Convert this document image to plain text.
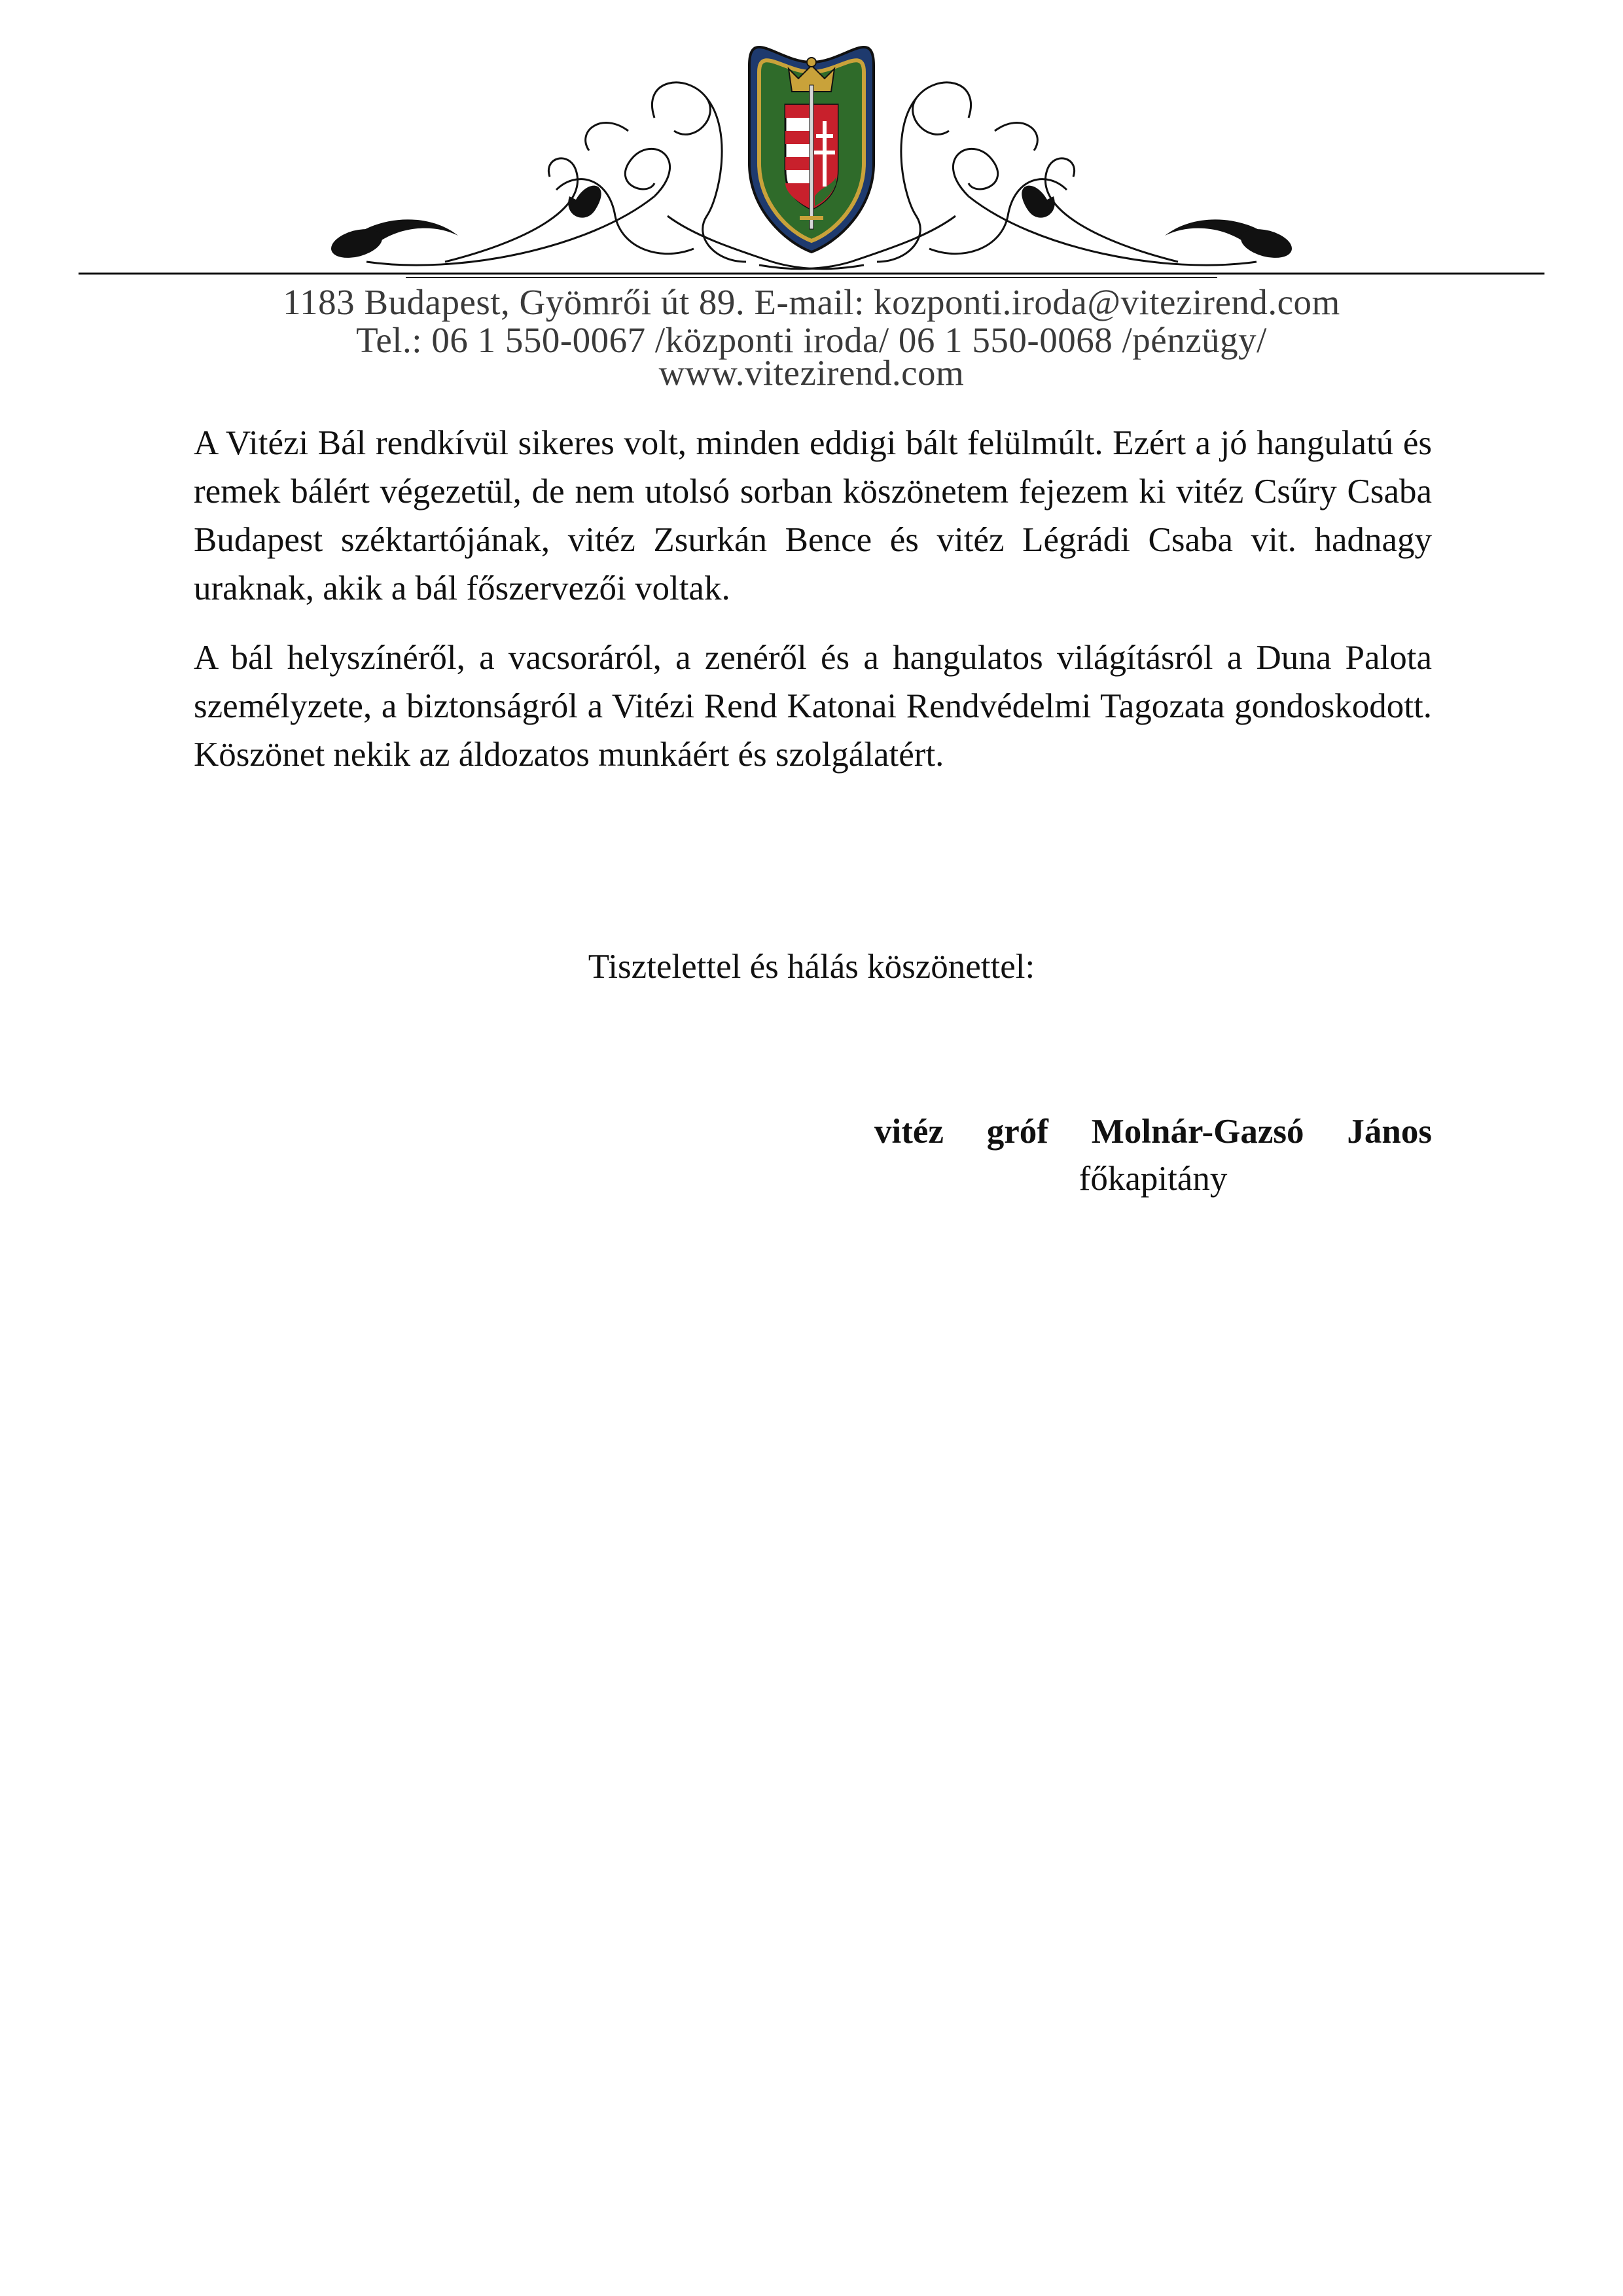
1183 Budapest, Gyömrői út 89. E-mail: kozponti.iroda@vitezirend.com
Tel.: 06 1 550-0067 /központi iroda/ 06 1 550-0068 /pénzügy/
www.vitezirend.com

A Vitézi Bál rendkívül sikeres volt, minden eddigi bált felülmúlt. Ezért a jó hangulatú és remek bálért végezetül, de nem utolsó sorban köszönetem fejezem ki vitéz Csűry Csaba Budapest széktartójának, vitéz Zsurkán Bence és vitéz Légrádi Csaba vit. hadnagy uraknak, akik a bál főszervezői voltak.

A bál helyszínéről, a vacsoráról, a zenéről és a hangulatos világításról a Duna Palota személyzete, a biztonságról a Vitézi Rend Katonai Rendvédelmi Tagozata gondoskodott. Köszönet nekik az áldozatos munkáért és szolgálatért.

Tisztelettel és hálás köszönettel:
vitéz gróf Molnár-Gazsó János
főkapitány
